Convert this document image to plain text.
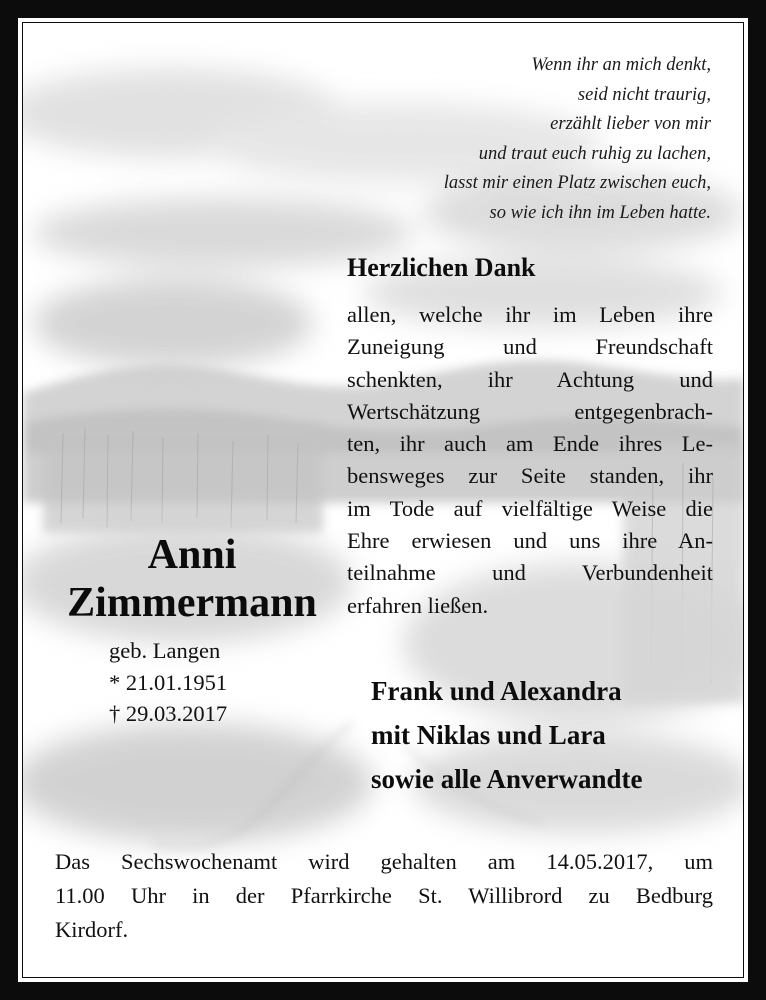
Wenn ihr an mich denkt,
seid nicht traurig,
erzählt lieber von mir
und traut euch ruhig zu lachen,
lasst mir einen Platz zwischen euch,
so wie ich ihn im Leben hatte.
Herzlichen Dank
allen, welche ihr im Leben ihre
Zuneigung und Freundschaft
schenkten, ihr Achtung und
Wertschätzung entgegenbrach-
ten, ihr auch am Ende ihres Le-
bensweges zur Seite standen, ihr
im Tode auf vielfältige Weise die
Ehre erwiesen und uns ihre An-
teilnahme und Verbundenheit
erfahren ließen.
Anni
Zimmermann
geb. Langen
* 21.01.1951
† 29.03.2017
Frank und Alexandra
mit Niklas und Lara
sowie alle Anverwandte
Das Sechswochenamt wird gehalten am 14.05.2017, um
11.00 Uhr in der Pfarrkirche St. Willibrord zu Bedburg
Kirdorf.
